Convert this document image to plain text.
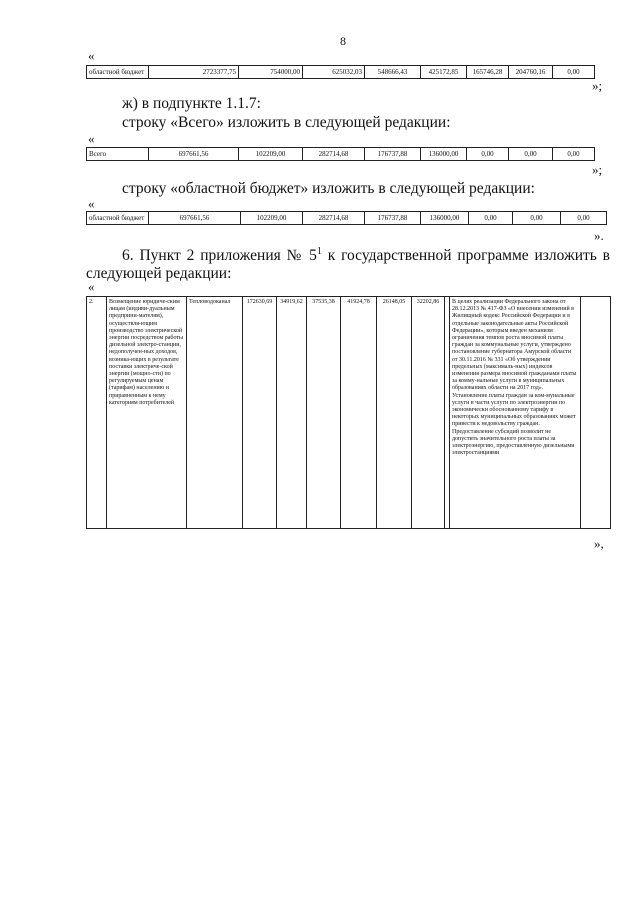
8
«
областной бюджет	2723377,75	754000,00	625032,03	548666,43	425172,85	165746,28	204760,16	0,00
»;
ж) в подпункте 1.1.7:
строку «Всего» изложить в следующей редакции:
«
Всего	697661,56	102209,00	282714,68	176737,88	136000,00	0,00	0,00	0,00
»;
строку «областной бюджет» изложить в следующей редакции:
«
областной бюджет	697661,56	102209,00	282714,68	176737,88	136000,00	0,00	0,00	0,00
».
6. Пункт 2 приложения № $5^1$ к государственной программе изложить в следующей редакции:
«
2.	Возмещение юридиче-ским лицам (индиви-дуальным предприни-мателям), осуществля-ющим производство электрической энергии посредством работы дизельной электро-станции, недополучен-ных доходов, возника-ющих в результате поставки электриче-ской энергии (мощно-сти) по регулируемым ценам (тарифам) населению и приравненным к нему категориям потребителей	Тепловодоканал	172630,69	34919,62	37535,38	41924,78	26148,05	32202,86		В целях реализации Федерального закона от 28.12.2013 № 417-ФЗ «О внесении изменений в Жилищный кодекс Российской Федерации и в отдельные законодательные акты Российской Федерации», которым введен механизм ограничения темпов роста вносимой платы граждан за коммунальные услуги, утверждено постановление губернатора Амурской области от 30.11.2016 № 331 «Об утверждении предельных (максималь-ных) индексов изменения размера вносимой гражданами платы за комму-нальные услуги в муниципальных образованиях области на 2017 год». Установление платы граждан за ком-мунальные услуги в части услуги по электроэнергии по экономически обоснованному тарифу в некоторых муниципальных образованиях может привести к недовольству граждан. Предоставление субсидий позволит не допустить значительного роста платы за электроэнергию, предоставленную дизельными электростанциями	
»,
